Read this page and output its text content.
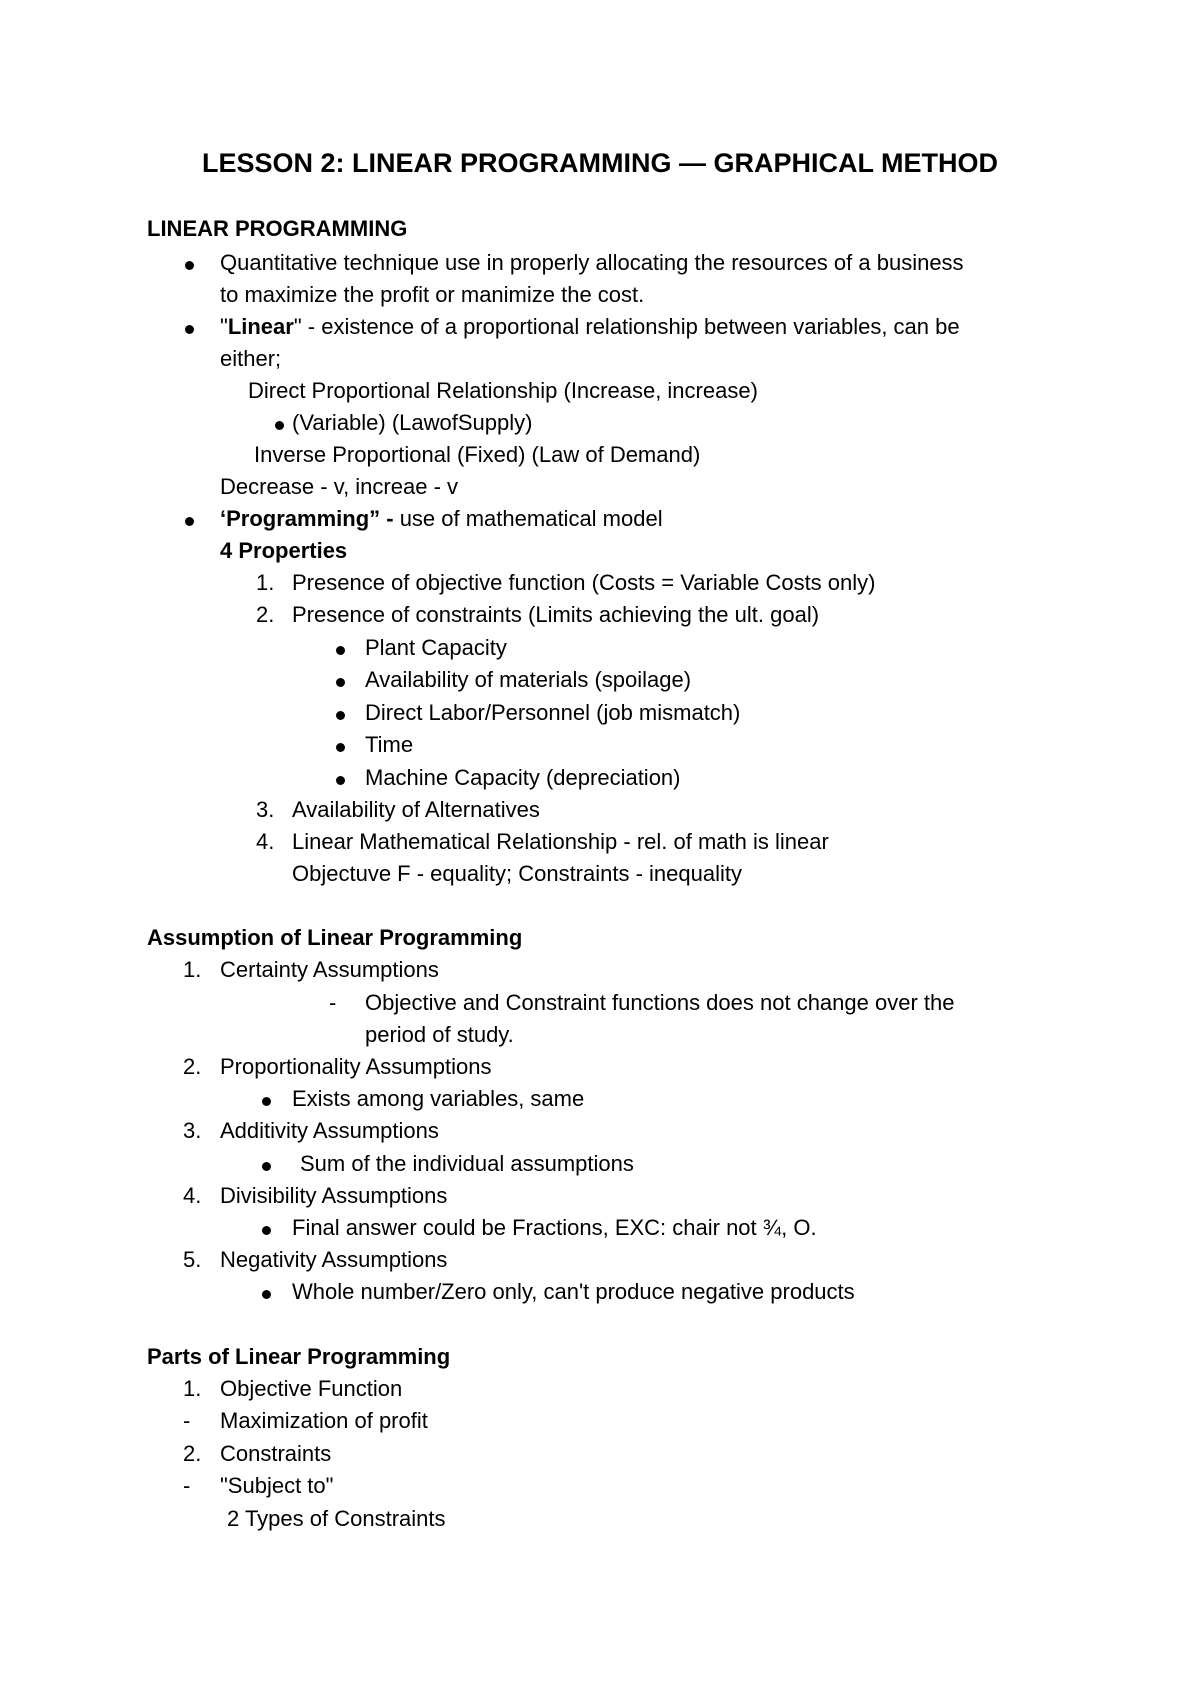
LESSON 2: LINEAR PROGRAMMING — GRAPHICAL METHOD
LINEAR PROGRAMMING
Quantitative technique use in properly allocating the resources of a business
to maximize the profit or manimize the cost.
"Linear" - existence of a proportional relationship between variables, can be
either;
Direct Proportional Relationship (Increase, increase)
(Variable) (LawofSupply)
Inverse Proportional (Fixed) (Law of Demand)
Decrease - v, increae - v
‘Programming” - use of mathematical model
4 Properties
1. Presence of objective function (Costs = Variable Costs only)
2. Presence of constraints (Limits achieving the ult. goal)
Plant Capacity
Availability of materials (spoilage)
Direct Labor/Personnel (job mismatch)
Time
Machine Capacity (depreciation)
3. Availability of Alternatives
4. Linear Mathematical Relationship - rel. of math is linear
Objectuve F - equality; Constraints - inequality
Assumption of Linear Programming
1. Certainty Assumptions
- Objective and Constraint functions does not change over the
period of study.
2. Proportionality Assumptions
Exists among variables, same
3. Additivity Assumptions
Sum of the individual assumptions
4. Divisibility Assumptions
Final answer could be Fractions, EXC: chair not ¾, O.
5. Negativity Assumptions
Whole number/Zero only, can't produce negative products
Parts of Linear Programming
1. Objective Function
- Maximization of profit
2. Constraints
- "Subject to"
2 Types of Constraints
